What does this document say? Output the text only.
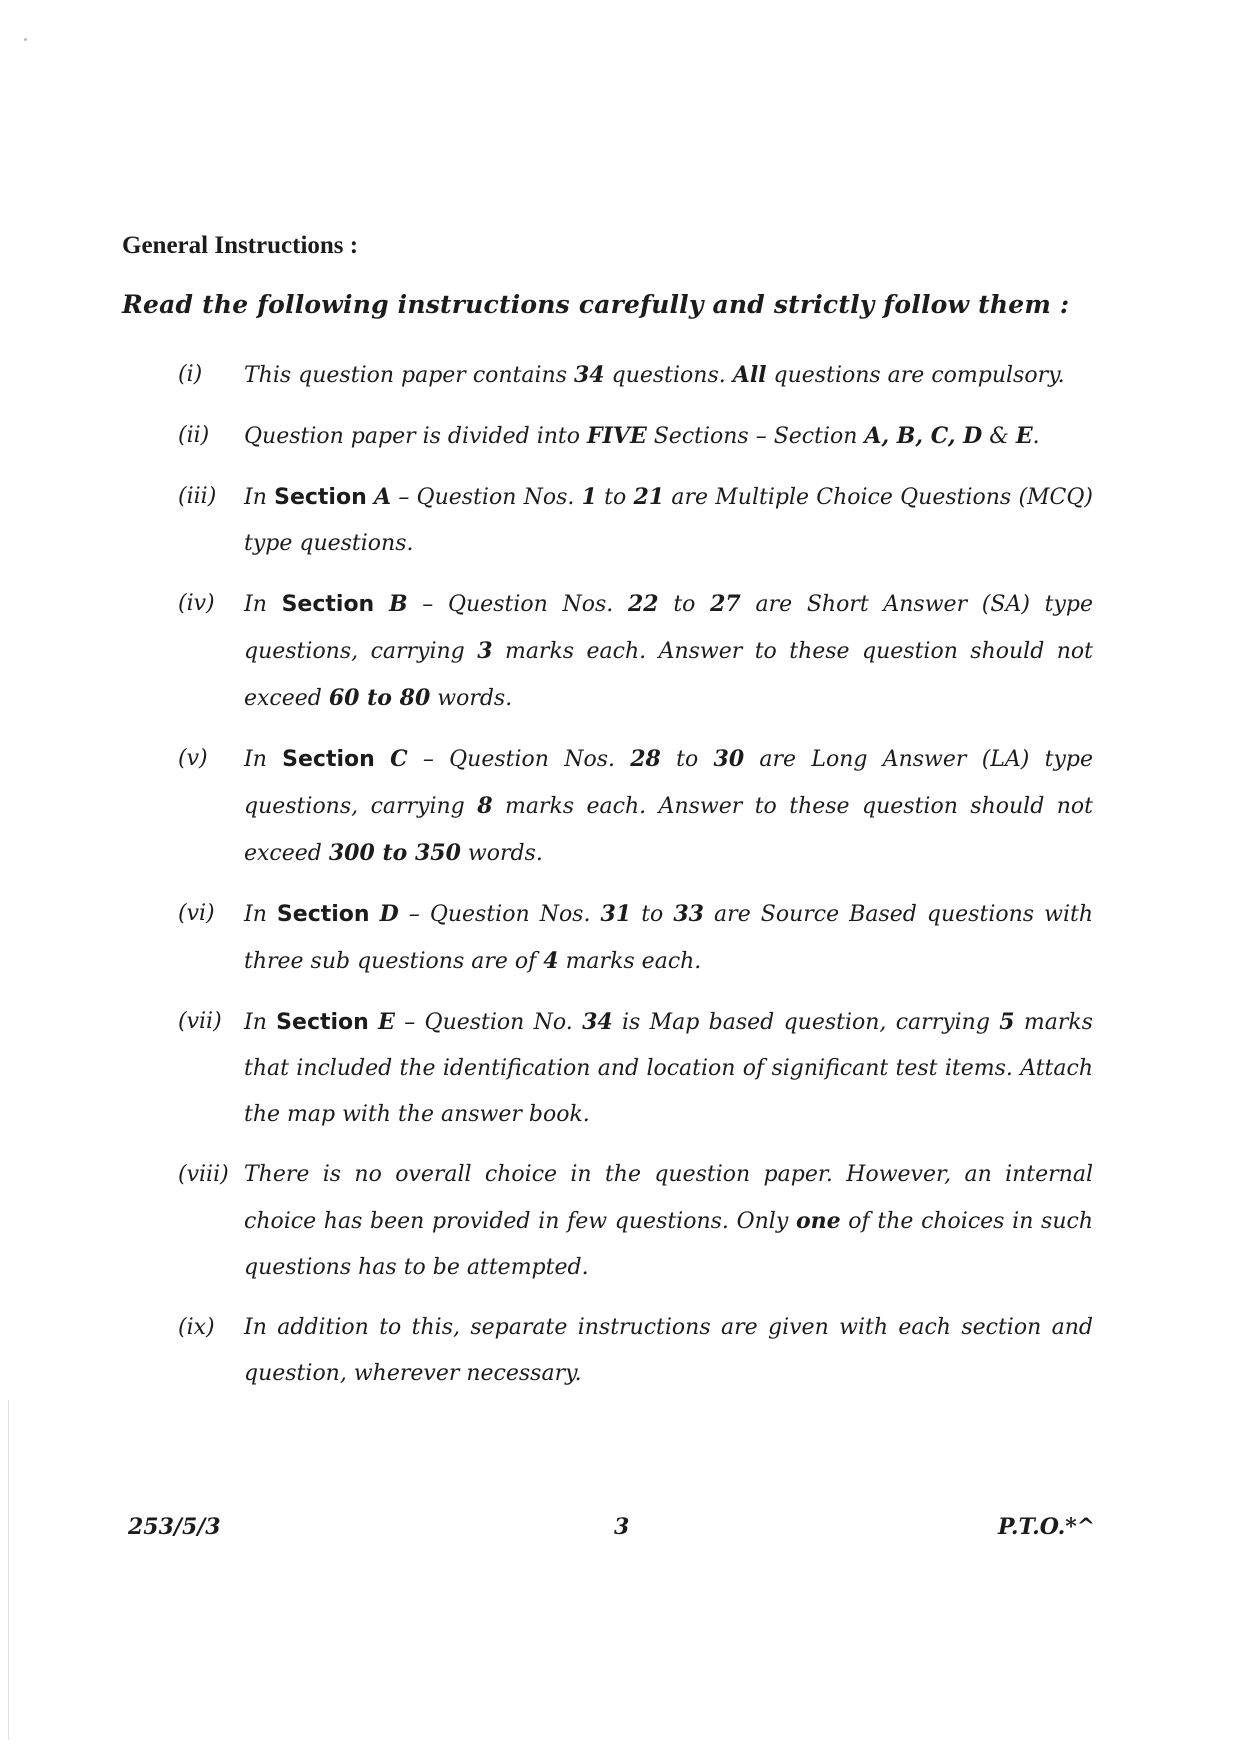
General Instructions :
Read the following instructions carefully and strictly follow them :
(i)	This question paper contains 34 questions. All questions are compulsory.
(ii)	Question paper is divided into FIVE Sections – Section A, B, C, D & E.
(iii)	In Section A – Question Nos. 1 to 21 are Multiple Choice Questions (MCQ) type questions.
(iv)	In Section B – Question Nos. 22 to 27 are Short Answer (SA) type questions, carrying 3 marks each. Answer to these question should not exceed 60 to 80 words.
(v)	In Section C – Question Nos. 28 to 30 are Long Answer (LA) type questions, carrying 8 marks each. Answer to these question should not exceed 300 to 350 words.
(vi)	In Section D – Question Nos. 31 to 33 are Source Based questions with three sub questions are of 4 marks each.
(vii)	In Section E – Question No. 34 is Map based question, carrying 5 marks that included the identification and location of significant test items. Attach the map with the answer book.
(viii) There is no overall choice in the question paper. However, an internal choice has been provided in few questions. Only one of the choices in such questions has to be attempted.
(ix)	In addition to this, separate instructions are given with each section and question, wherever necessary.
253/5/3	3	P.T.O.*^
